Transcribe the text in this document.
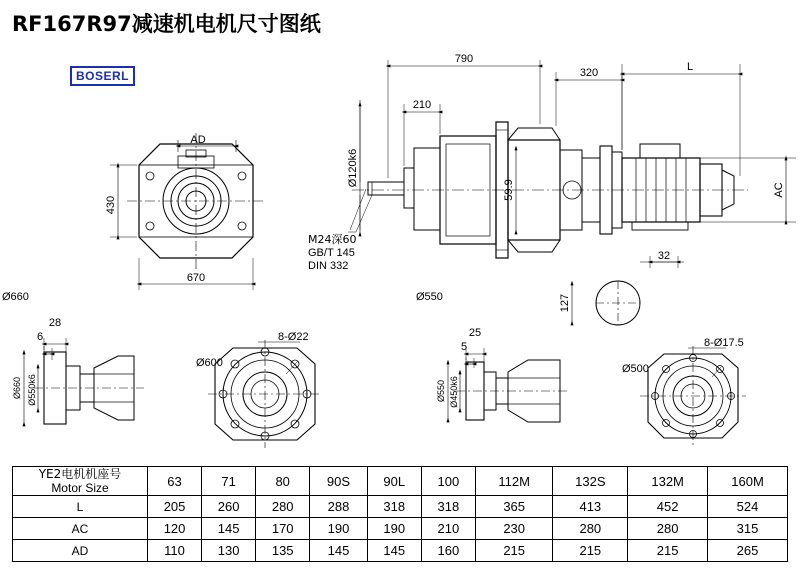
RF167R97减速机电机尺寸图纸
BOSERL
AD
430
670
790
210
320	L
AC
Ø120k6
59.9
M24深60
GB/T 145
DIN 332
Ø660	Ø550
32
127
28
6
Ø660 Ø550k6
8-Ø22
Ø600
25
5
Ø550 Ø450k6
8-Ø17.5
Ø500
YE2电机机座号
Motor Size	63	71	80	90S	90L	100	112M	132S	132M	160M
L	205	260	280	288	318	318	365	413	452	524
AC	120	145	170	190	190	210	230	280	280	315
AD	110	130	135	145	145	160	215	215	215	265
